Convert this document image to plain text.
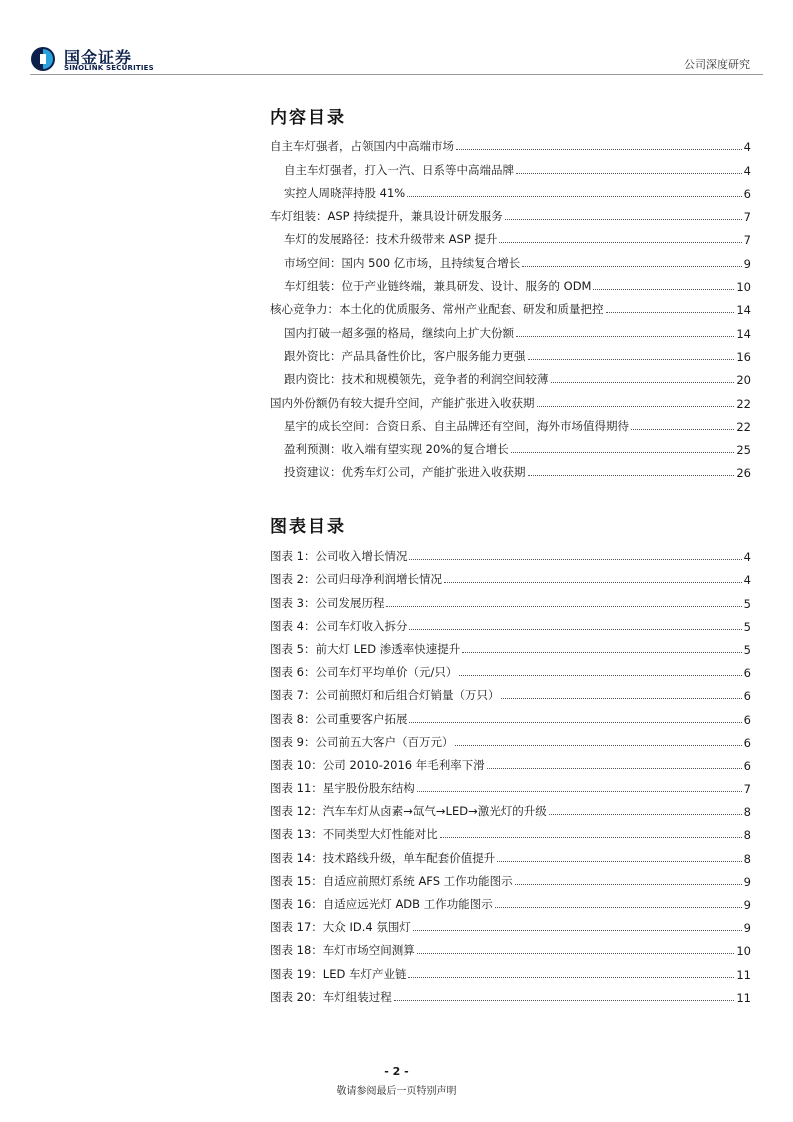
国金证券
SINOLINK SECURITIES	公司深度研究
内容目录
自主车灯强者，占领国内中高端市场	4
自主车灯强者，打入一汽、日系等中高端品牌	4
实控人周晓萍持股 41%	6
车灯组装：ASP 持续提升，兼具设计研发服务	7
车灯的发展路径：技术升级带来 ASP 提升	7
市场空间：国内 500 亿市场，且持续复合增长	9
车灯组装：位于产业链终端，兼具研发、设计、服务的 ODM	10
核心竞争力：本土化的优质服务、常州产业配套、研发和质量把控	14
国内打破一超多强的格局，继续向上扩大份额	14
跟外资比：产品具备性价比，客户服务能力更强	16
跟内资比：技术和规模领先，竞争者的利润空间较薄	20
国内外份额仍有较大提升空间，产能扩张进入收获期	22
星宇的成长空间：合资日系、自主品牌还有空间，海外市场值得期待	22
盈利预测：收入端有望实现 20%的复合增长	25
投资建议：优秀车灯公司，产能扩张进入收获期	26
图表目录
图表 1：公司收入增长情况	4
图表 2：公司归母净利润增长情况	4
图表 3：公司发展历程	5
图表 4：公司车灯收入拆分	5
图表 5：前大灯 LED 渗透率快速提升	5
图表 6：公司车灯平均单价（元/只）	6
图表 7：公司前照灯和后组合灯销量（万只）	6
图表 8：公司重要客户拓展	6
图表 9：公司前五大客户（百万元）	6
图表 10：公司 2010-2016 年毛利率下滑	6
图表 11：星宇股份股东结构	7
图表 12：汽车车灯从卤素→氙气→LED→激光灯的升级	8
图表 13：不同类型大灯性能对比	8
图表 14：技术路线升级，单车配套价值提升	8
图表 15：自适应前照灯系统 AFS 工作功能图示	9
图表 16：自适应远光灯 ADB 工作功能图示	9
图表 17：大众 ID.4 氛围灯	9
图表 18：车灯市场空间测算	10
图表 19：LED 车灯产业链	11
图表 20：车灯组装过程	11
- 2 -
敬请参阅最后一页特别声明
